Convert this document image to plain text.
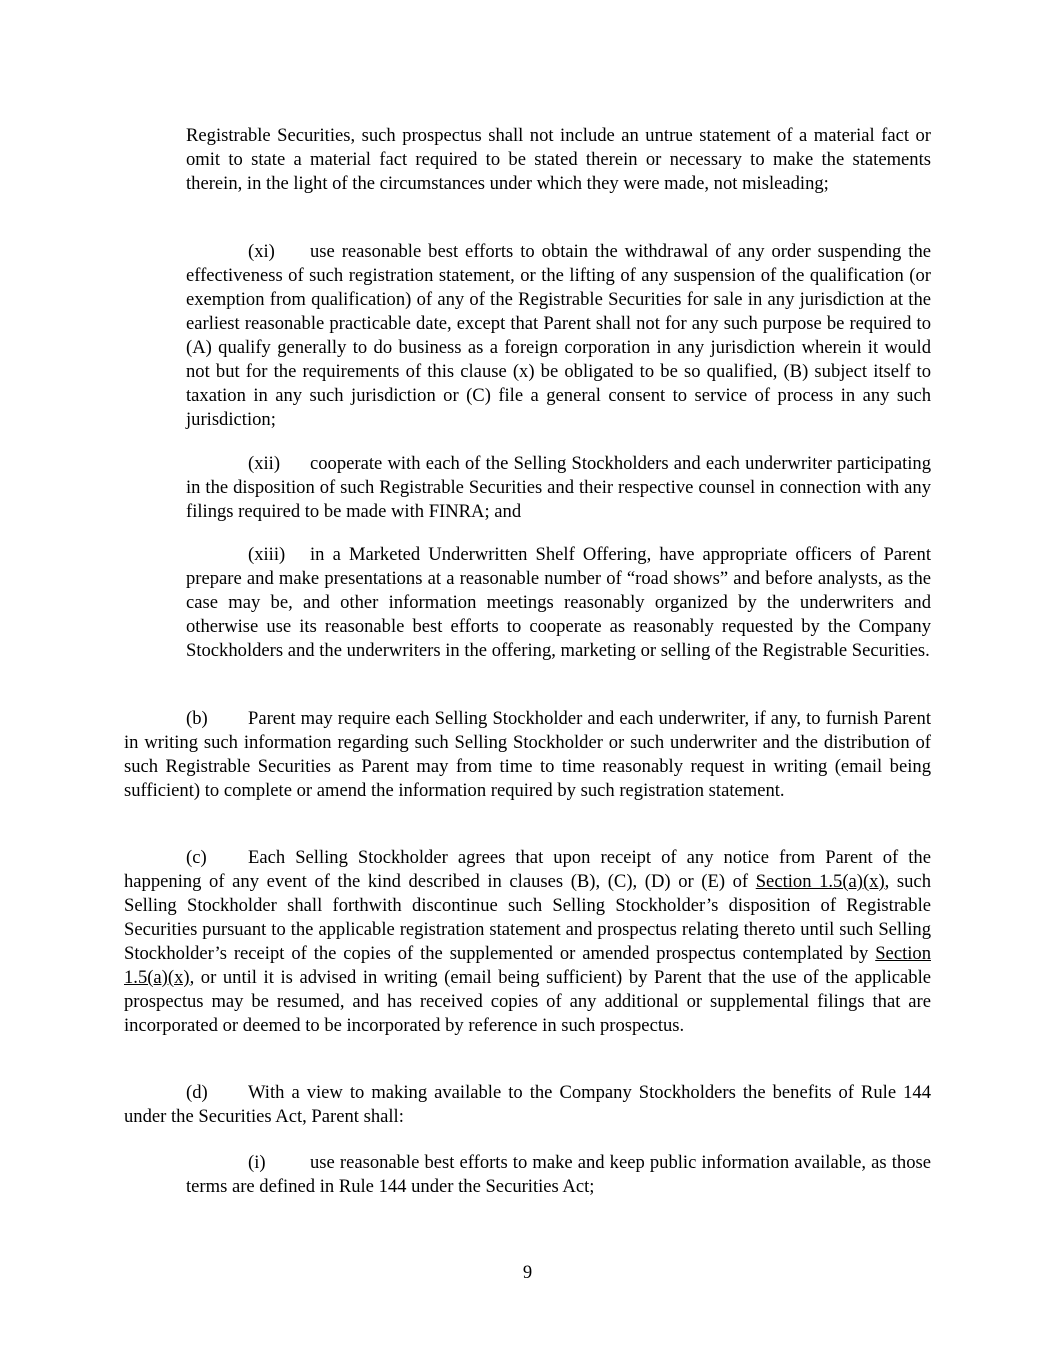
Registrable Securities, such prospectus shall not include an untrue statement of a material fact or omit to state a material fact required to be stated therein or necessary to make the statements therein, in the light of the circumstances under which they were made, not misleading;

(xi) use reasonable best efforts to obtain the withdrawal of any order suspending the effectiveness of such registration statement, or the lifting of any suspension of the qualification (or exemption from qualification) of any of the Registrable Securities for sale in any jurisdiction at the earliest reasonable practicable date, except that Parent shall not for any such purpose be required to (A) qualify generally to do business as a foreign corporation in any jurisdiction wherein it would not but for the requirements of this clause (x) be obligated to be so qualified, (B) subject itself to taxation in any such jurisdiction or (C) file a general consent to service of process in any such jurisdiction;

(xii) cooperate with each of the Selling Stockholders and each underwriter participating in the disposition of such Registrable Securities and their respective counsel in connection with any filings required to be made with FINRA; and

(xiii) in a Marketed Underwritten Shelf Offering, have appropriate officers of Parent prepare and make presentations at a reasonable number of “road shows” and before analysts, as the case may be, and other information meetings reasonably organized by the underwriters and otherwise use its reasonable best efforts to cooperate as reasonably requested by the Company Stockholders and the underwriters in the offering, marketing or selling of the Registrable Securities.

(b) Parent may require each Selling Stockholder and each underwriter, if any, to furnish Parent in writing such information regarding such Selling Stockholder or such underwriter and the distribution of such Registrable Securities as Parent may from time to time reasonably request in writing (email being sufficient) to complete or amend the information required by such registration statement.

(c) Each Selling Stockholder agrees that upon receipt of any notice from Parent of the happening of any event of the kind described in clauses (B), (C), (D) or (E) of Section 1.5(a)(x), such Selling Stockholder shall forthwith discontinue such Selling Stockholder’s disposition of Registrable Securities pursuant to the applicable registration statement and prospectus relating thereto until such Selling Stockholder’s receipt of the copies of the supplemented or amended prospectus contemplated by Section 1.5(a)(x), or until it is advised in writing (email being sufficient) by Parent that the use of the applicable prospectus may be resumed, and has received copies of any additional or supplemental filings that are incorporated or deemed to be incorporated by reference in such prospectus.

(d) With a view to making available to the Company Stockholders the benefits of Rule 144 under the Securities Act, Parent shall:

(i) use reasonable best efforts to make and keep public information available, as those terms are defined in Rule 144 under the Securities Act;

9
